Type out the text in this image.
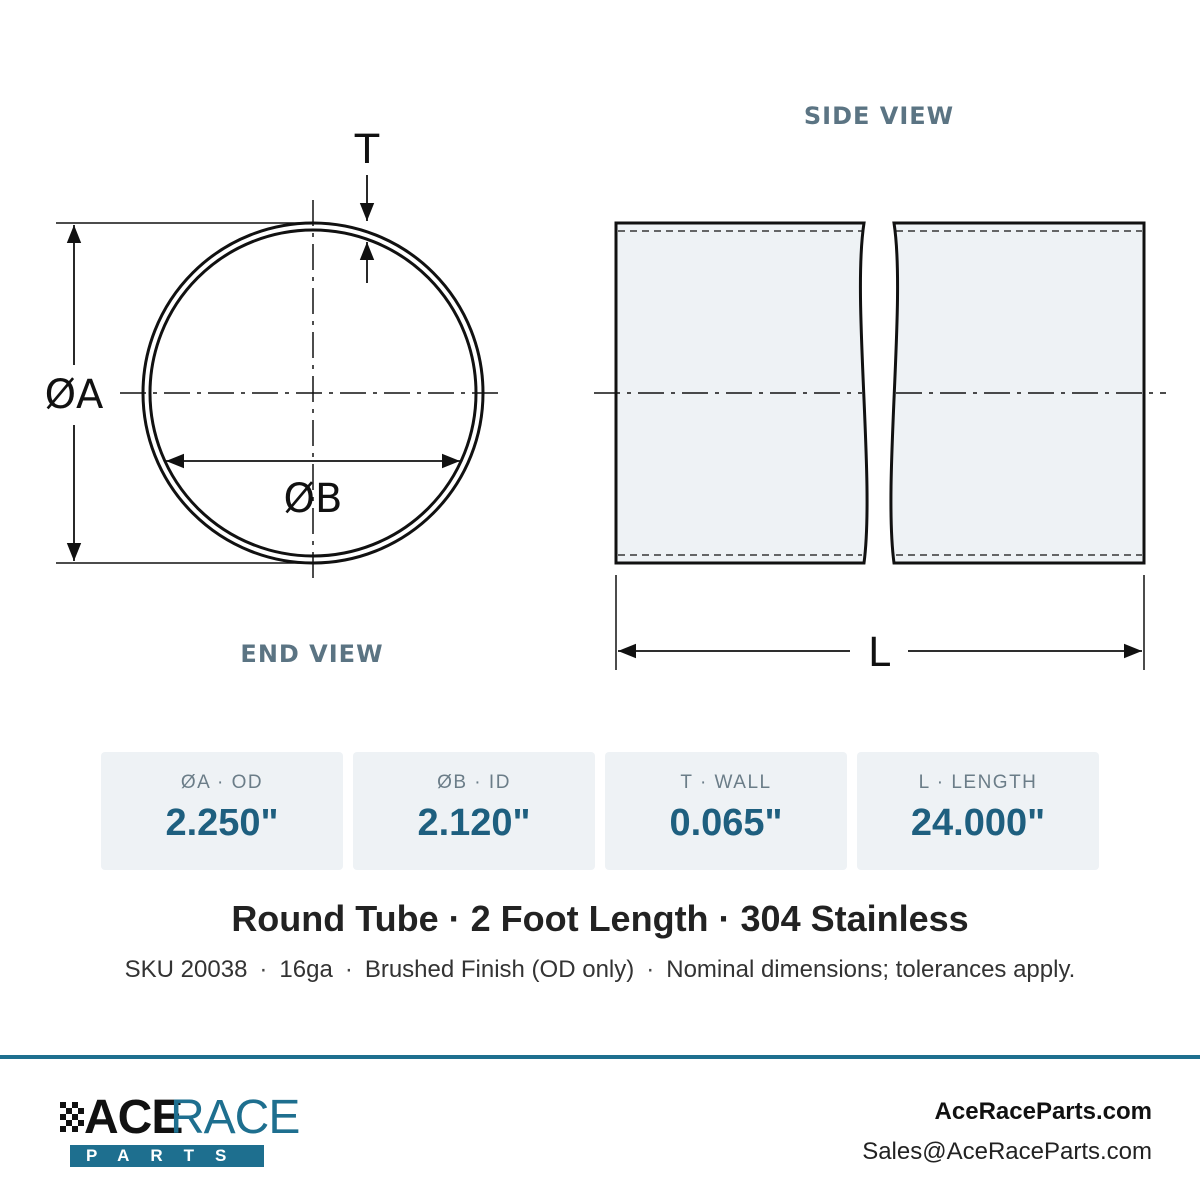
ØA
ØB
T
END VIEW
SIDE VIEW
L
ØA · OD
2.250"
ØB · ID
2.120"
T · WALL
0.065"
L · LENGTH
24.000"
Round Tube · 2 Foot Length · 304 Stainless
SKU 20038 · 16ga · Brushed Finish (OD only) · Nominal dimensions; tolerances apply.
ACE
RACE
PARTS
AceRaceParts.com
Sales@AceRaceParts.com
